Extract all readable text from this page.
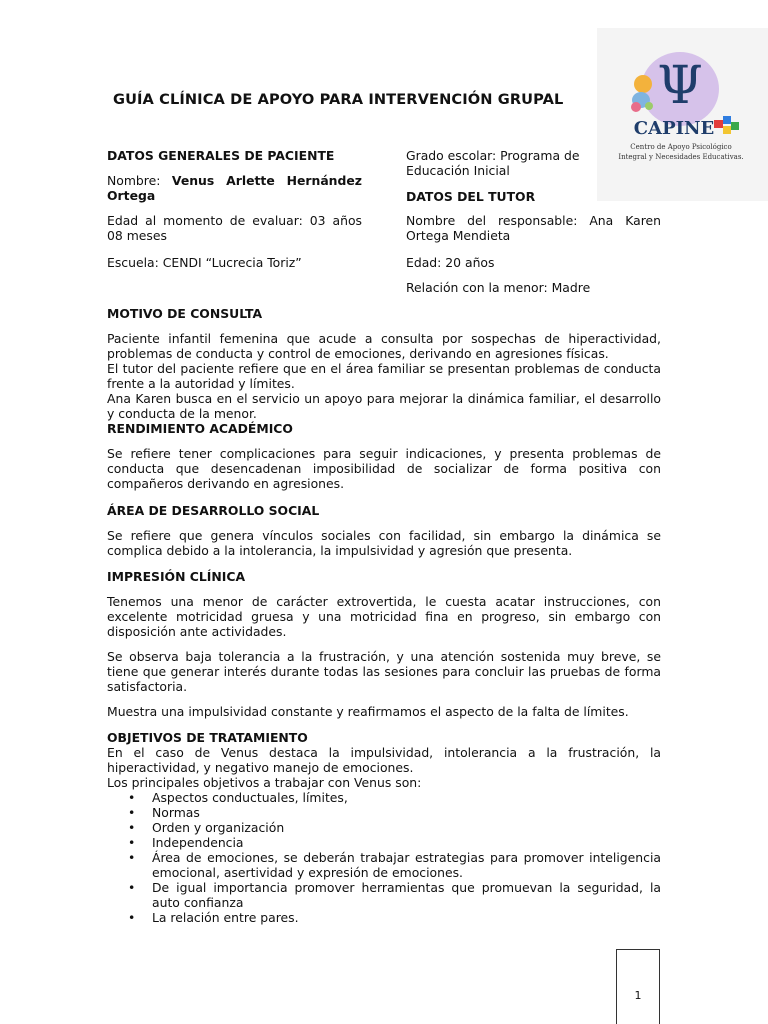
Ψ
CAPINE
Centro de Apoyo Psicológico
Integral y Necesidades Educativas.
GUÍA CLÍNICA DE APOYO PARA INTERVENCIÓN GRUPAL
DATOS GENERALES DE PACIENTE
Nombre: Venus Arlette Hernández Ortega
Edad al momento de evaluar: 03 años 08 meses
Escuela: CENDI “Lucrecia Toriz”
Grado escolar: Programa de Educación Inicial
DATOS DEL TUTOR
Nombre del responsable: Ana Karen Ortega Mendieta
Edad: 20 años
Relación con la menor: Madre
MOTIVO DE CONSULTA
Paciente infantil femenina que acude a consulta por sospechas de hiperactividad, problemas de conducta y control de emociones, derivando en agresiones físicas.
El tutor del paciente refiere que en el área familiar se presentan problemas de conducta frente a la autoridad y límites.
Ana Karen busca en el servicio un apoyo para mejorar la dinámica familiar, el desarrollo y conducta de la menor.
RENDIMIENTO ACADÉMICO
Se refiere tener complicaciones para seguir indicaciones, y presenta problemas de conducta que desencadenan imposibilidad de socializar de forma positiva con compañeros derivando en agresiones.
ÁREA DE DESARROLLO SOCIAL
Se refiere que genera vínculos sociales con facilidad, sin embargo la dinámica se complica debido a la intolerancia, la impulsividad y agresión que presenta.
IMPRESIÓN CLÍNICA
Tenemos una menor de carácter extrovertida, le cuesta acatar instrucciones, con excelente motricidad gruesa y una motricidad fina en progreso, sin embargo con disposición ante actividades.
Se observa baja tolerancia a la frustración, y una atención sostenida muy breve, se tiene que generar interés durante todas las sesiones para concluir las pruebas de forma satisfactoria.
Muestra una impulsividad constante y reafirmamos el aspecto de la falta de límites.
OBJETIVOS DE TRATAMIENTO
En el caso de Venus destaca la impulsividad, intolerancia a la frustración, la hiperactividad, y negativo manejo de emociones.
Los principales objetivos a trabajar con Venus son:
• Aspectos conductuales, límites,
• Normas
• Orden y organización
• Independencia
• Área de emociones, se deberán trabajar estrategias para promover inteligencia emocional, asertividad y expresión de emociones.
• De igual importancia promover herramientas que promuevan la seguridad, la auto confianza
• La relación entre pares.
1
